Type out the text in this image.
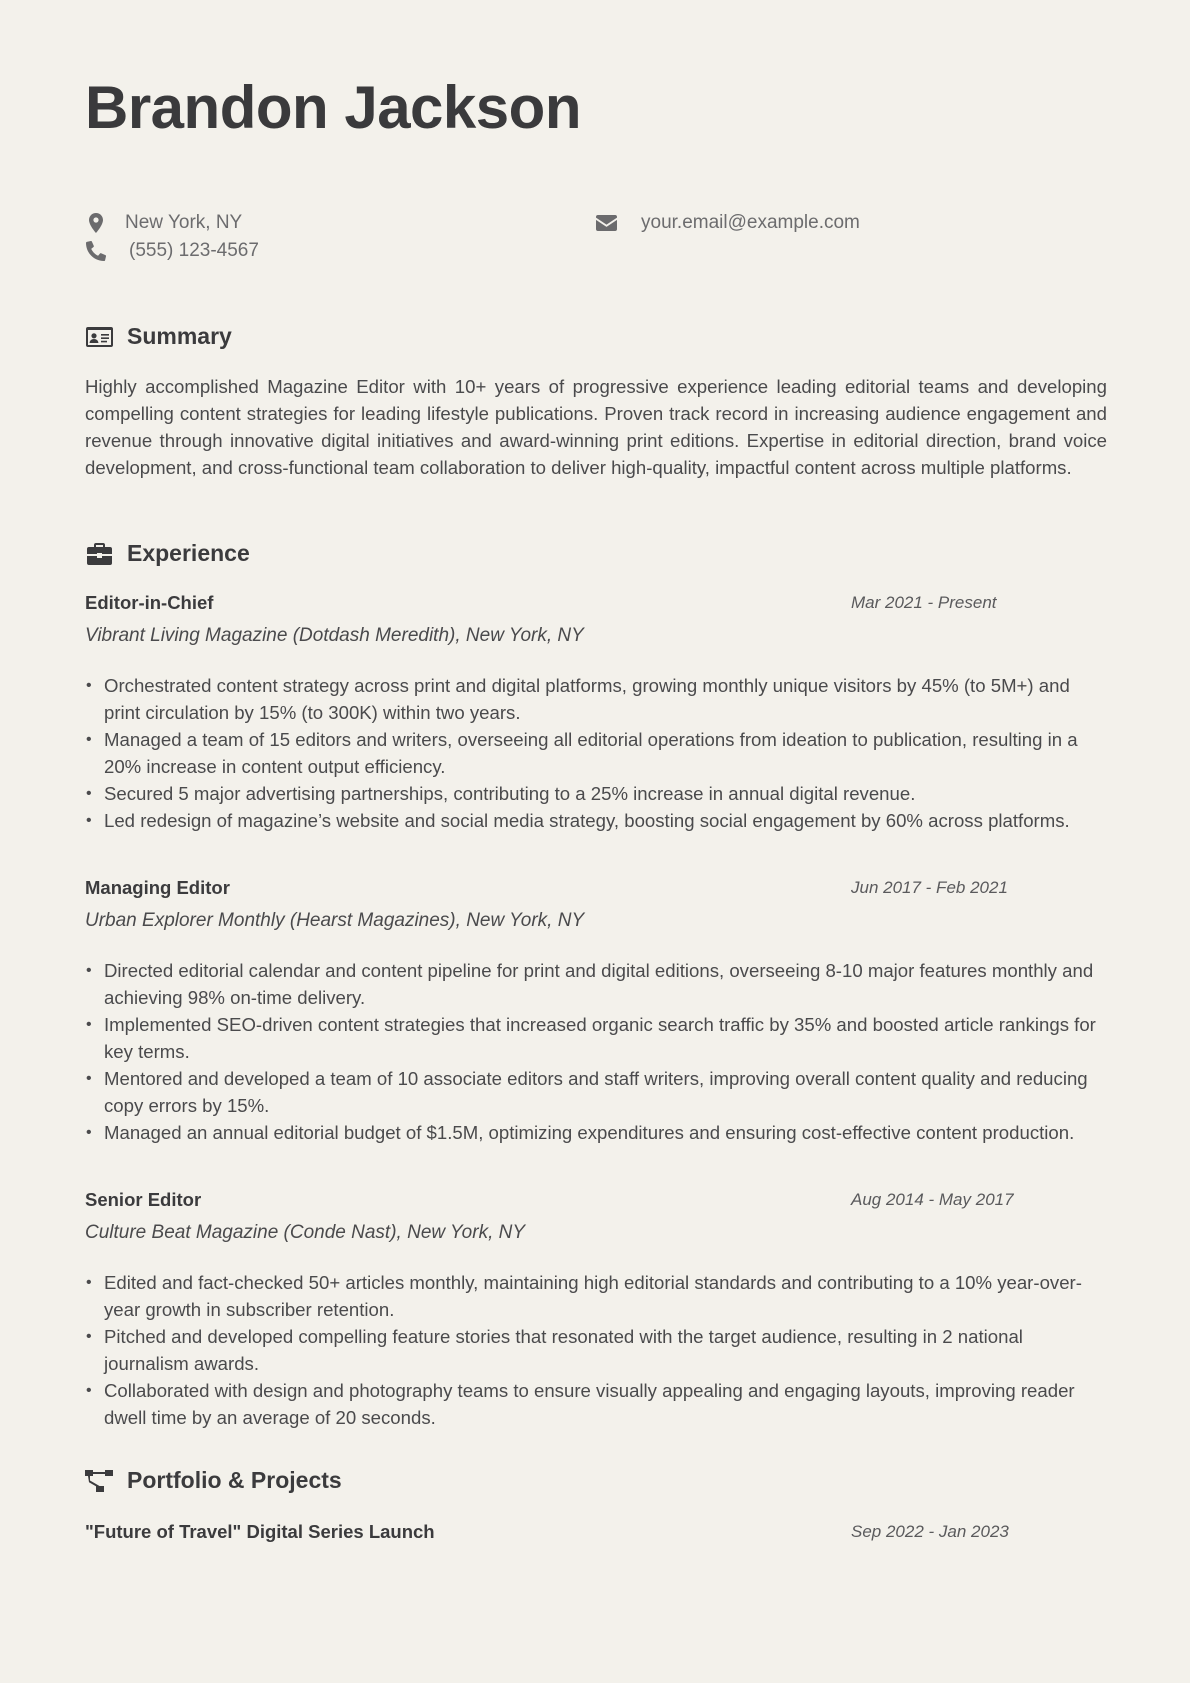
Brandon Jackson
New York, NY
(555) 123-4567
your.email@example.com
Summary

Highly accomplished Magazine Editor with 10+ years of progressive experience leading editorial teams and developing compelling content strategies for leading lifestyle publications. Proven track record in increasing audience engagement and revenue through innovative digital initiatives and award-winning print editions. Expertise in editorial direction, brand voice development, and cross-functional team collaboration to deliver high-quality, impactful content across multiple platforms.

Experience
Editor-in-Chief	Mar 2021 - Present
Vibrant Living Magazine (Dotdash Meredith), New York, NY
• Orchestrated content strategy across print and digital platforms, growing monthly unique visitors by 45% (to 5M+) and print circulation by 15% (to 300K) within two years.
• Managed a team of 15 editors and writers, overseeing all editorial operations from ideation to publication, resulting in a 20% increase in content output efficiency.
• Secured 5 major advertising partnerships, contributing to a 25% increase in annual digital revenue.
• Led redesign of magazine’s website and social media strategy, boosting social engagement by 60% across platforms.
Managing Editor	Jun 2017 - Feb 2021
Urban Explorer Monthly (Hearst Magazines), New York, NY
• Directed editorial calendar and content pipeline for print and digital editions, overseeing 8-10 major features monthly and achieving 98% on-time delivery.
• Implemented SEO-driven content strategies that increased organic search traffic by 35% and boosted article rankings for key terms.
• Mentored and developed a team of 10 associate editors and staff writers, improving overall content quality and reducing copy errors by 15%.
• Managed an annual editorial budget of $1.5M, optimizing expenditures and ensuring cost-effective content production.
Senior Editor	Aug 2014 - May 2017
Culture Beat Magazine (Conde Nast), New York, NY
• Edited and fact-checked 50+ articles monthly, maintaining high editorial standards and contributing to a 10% year-over-year growth in subscriber retention.
• Pitched and developed compelling feature stories that resonated with the target audience, resulting in 2 national journalism awards.
• Collaborated with design and photography teams to ensure visually appealing and engaging layouts, improving reader dwell time by an average of 20 seconds.
Portfolio & Projects
"Future of Travel" Digital Series Launch	Sep 2022 - Jan 2023
